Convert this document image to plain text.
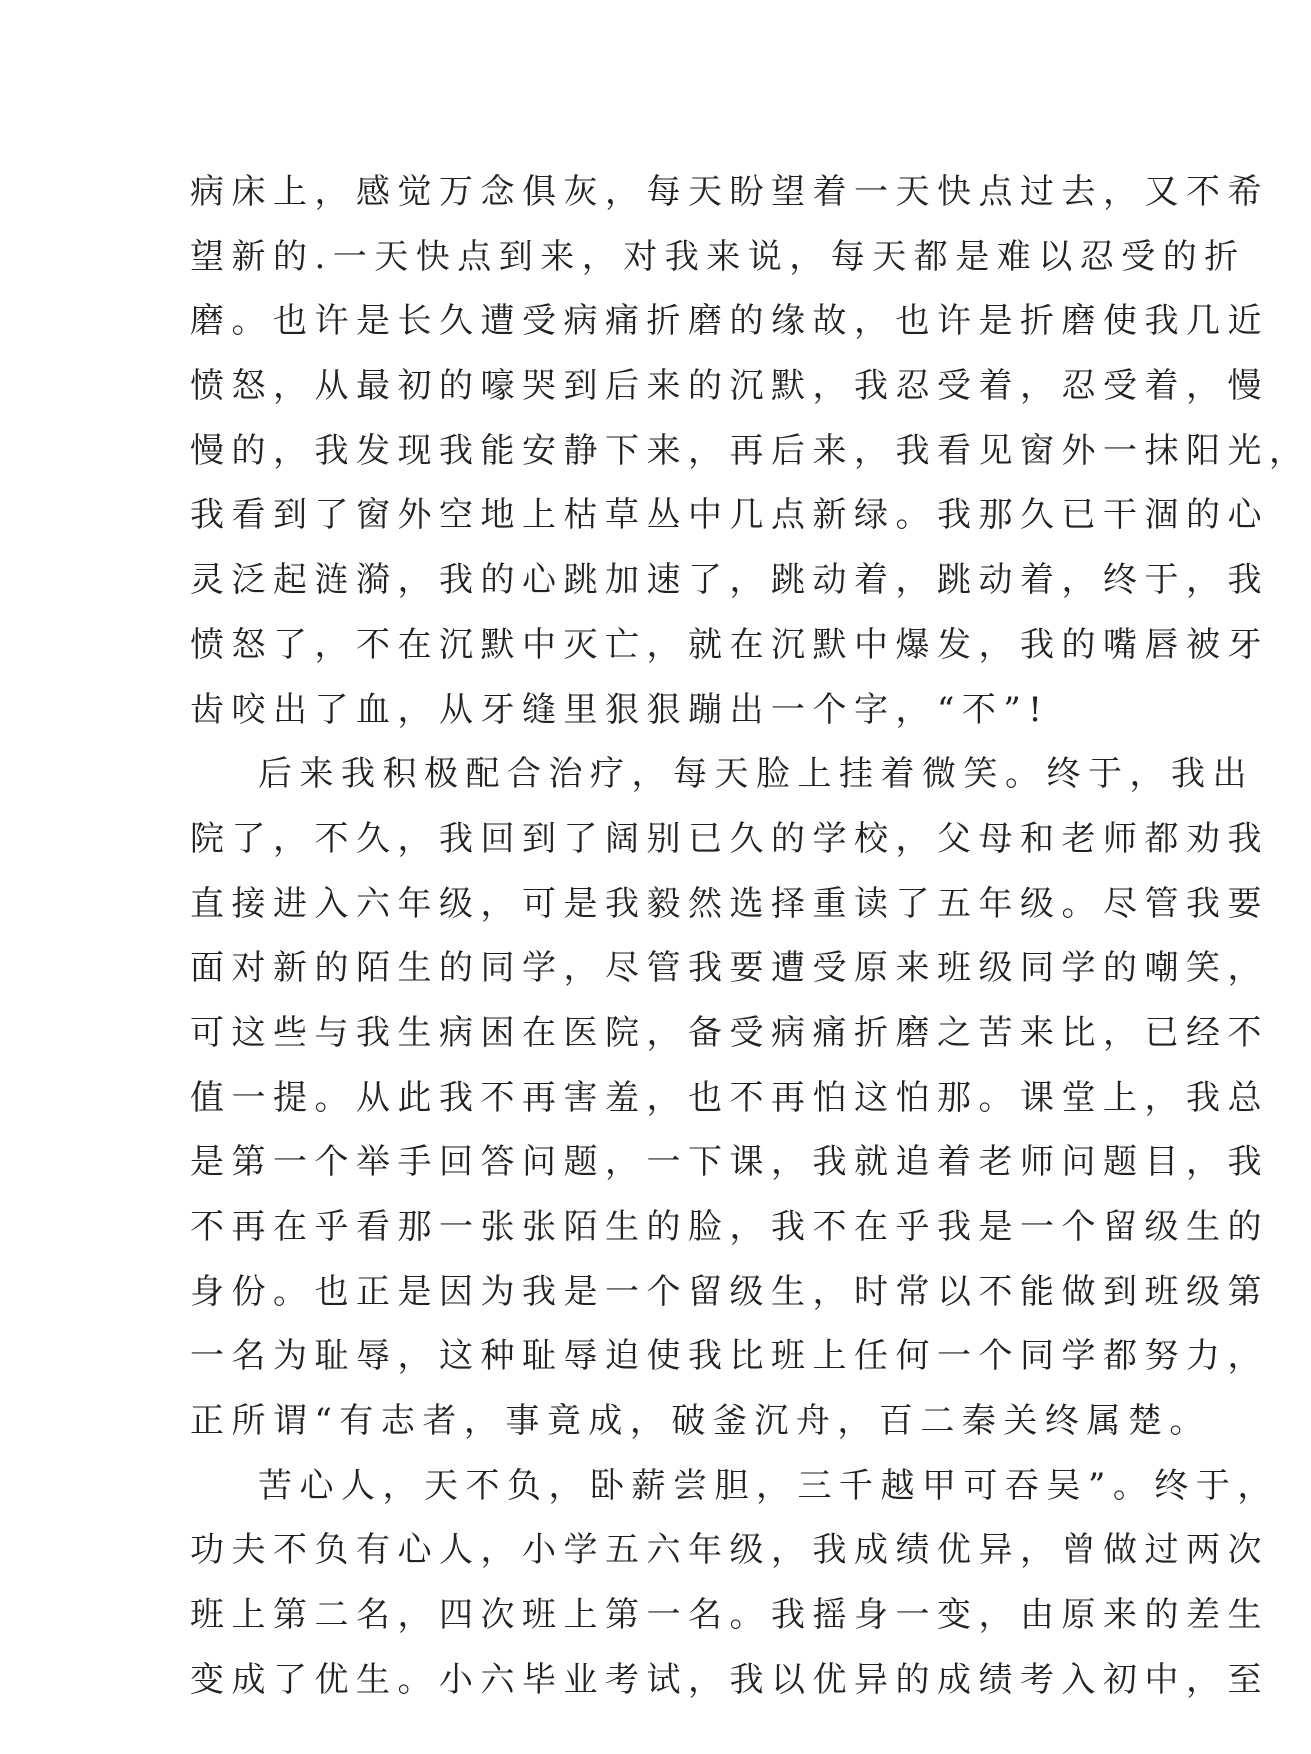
病床上，感觉万念俱灰，每天盼望着一天快点过去，又不希
望新的.一天快点到来，对我来说，每天都是难以忍受的折
磨。也许是长久遭受病痛折磨的缘故，也许是折磨使我几近
愤怒，从最初的嚎哭到后来的沉默，我忍受着，忍受着，慢
慢的，我发现我能安静下来，再后来，我看见窗外一抹阳光，
我看到了窗外空地上枯草丛中几点新绿。我那久已干涸的心
灵泛起涟漪，我的心跳加速了，跳动着，跳动着，终于，我
愤怒了，不在沉默中灭亡，就在沉默中爆发，我的嘴唇被牙
齿咬出了血，从牙缝里狠狠蹦出一个字，“不”!
后来我积极配合治疗，每天脸上挂着微笑。终于，我出
院了，不久，我回到了阔别已久的学校，父母和老师都劝我
直接进入六年级，可是我毅然选择重读了五年级。尽管我要
面对新的陌生的同学，尽管我要遭受原来班级同学的嘲笑，
可这些与我生病困在医院，备受病痛折磨之苦来比，已经不
值一提。从此我不再害羞，也不再怕这怕那。课堂上，我总
是第一个举手回答问题，一下课，我就追着老师问题目，我
不再在乎看那一张张陌生的脸，我不在乎我是一个留级生的
身份。也正是因为我是一个留级生，时常以不能做到班级第
一名为耻辱，这种耻辱迫使我比班上任何一个同学都努力，
正所谓“有志者，事竟成，破釜沉舟，百二秦关终属楚。
苦心人，天不负，卧薪尝胆，三千越甲可吞吴”。终于，
功夫不负有心人，小学五六年级，我成绩优异，曾做过两次
班上第二名，四次班上第一名。我摇身一变，由原来的差生
变成了优生。小六毕业考试，我以优异的成绩考入初中，至
